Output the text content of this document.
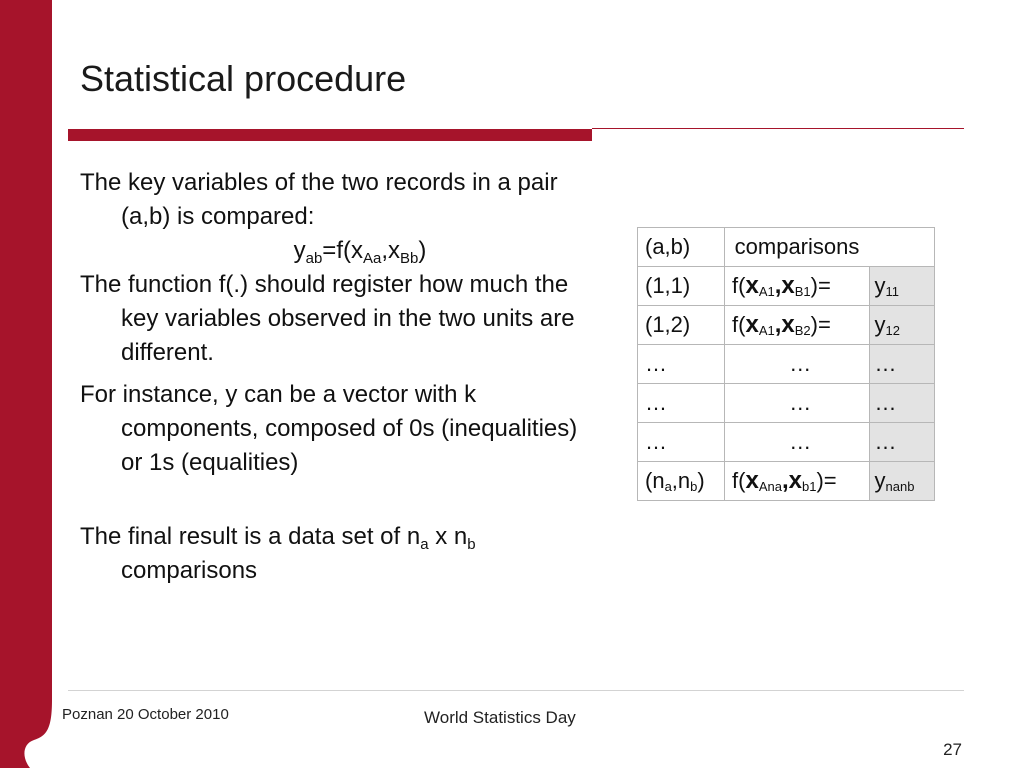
Statistical procedure

The key variables of the two records in a pair (a,b) is compared:

$y_{ab}=f(x_{Aa},x_{Bb})$

The function f(.) should register how much the key variables observed in the two units are different.

For instance, y can be a vector with k components, composed of 0s (inequalities) or 1s (equalities)

The final result is a data set of $n_a$ x $n_b$ comparisons

(a,b)	comparisons	
(1,1)	f(xA1,xB1)=	y11
(1,2)	f(xA1,xB2)=	y12
…	…	…
…	…	…
…	…	…
(na,nb)	f(xAna,xb1)=	ynanb
Poznan 20 October 2010	World Statistics Day
27
